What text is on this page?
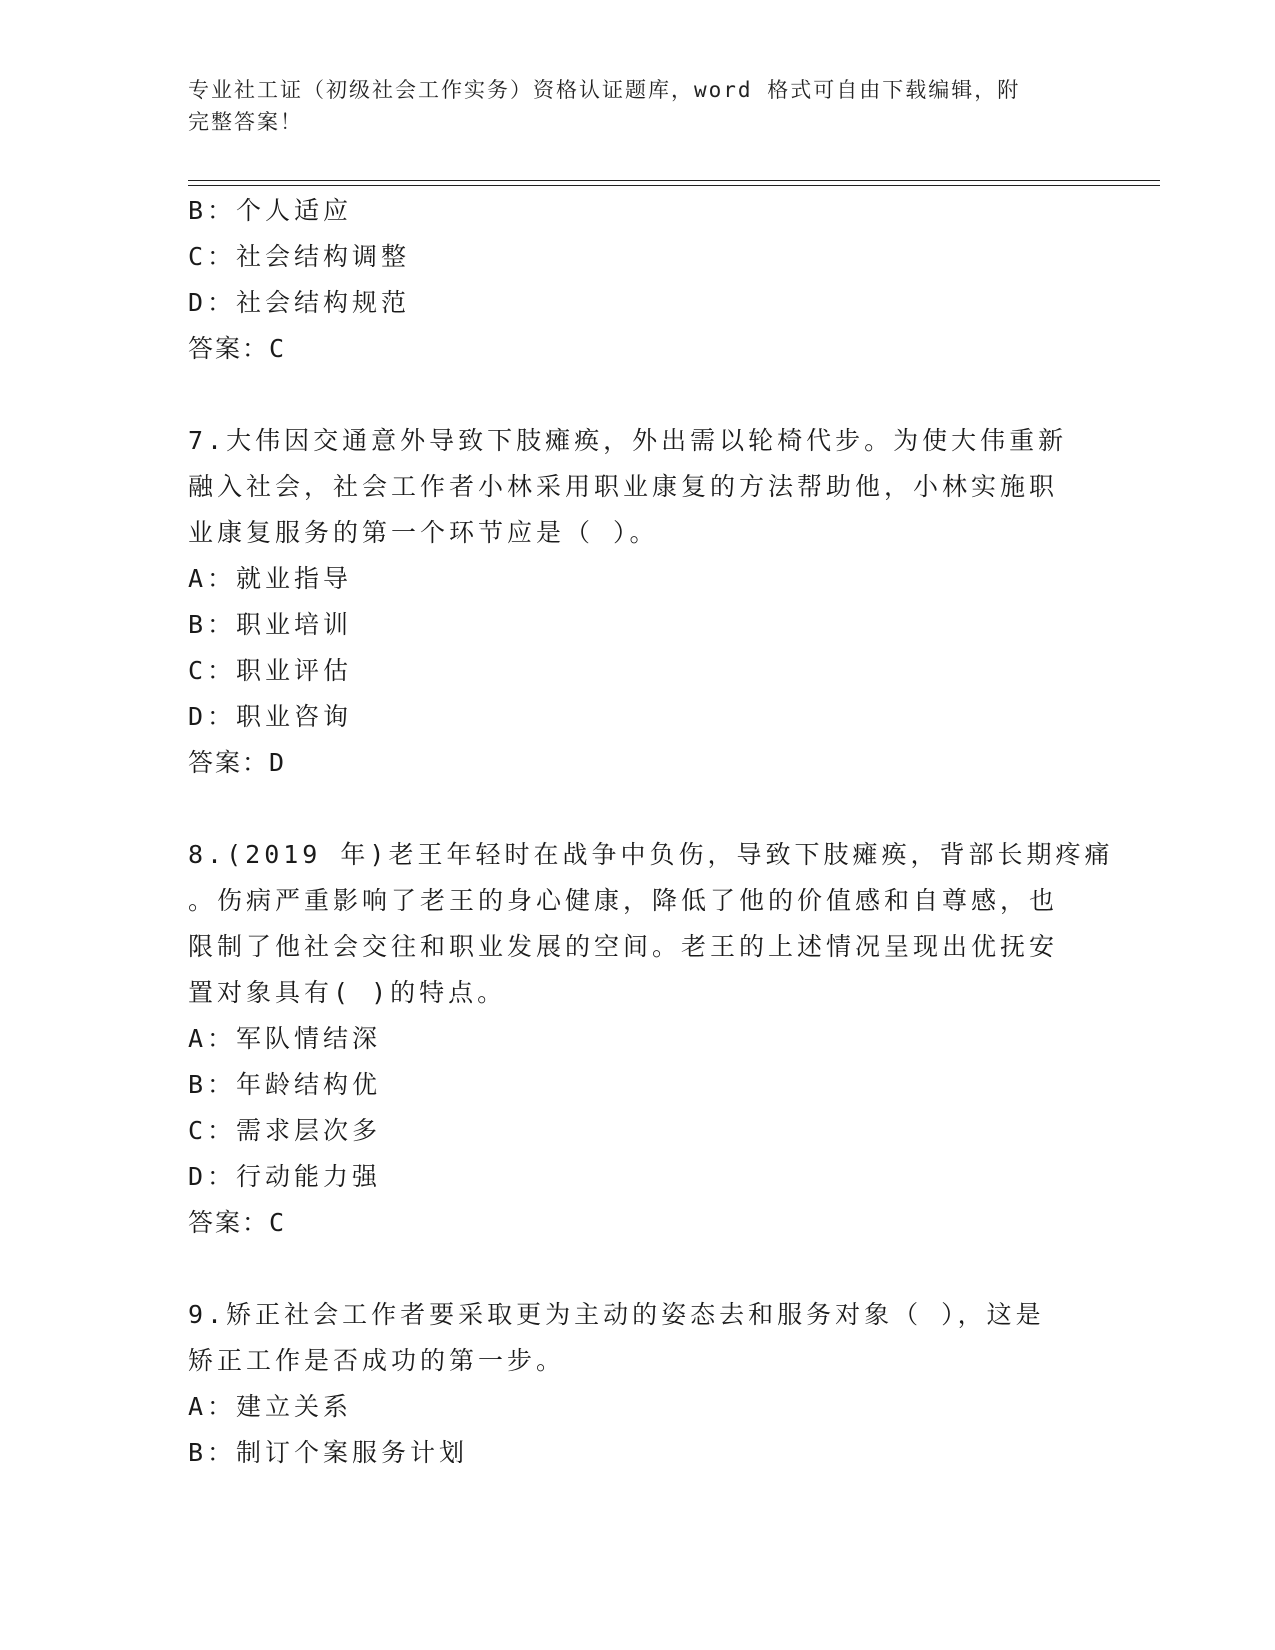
专业社工证（初级社会工作实务）资格认证题库，word 格式可自由下载编辑，附
完整答案！
B：个人适应
C：社会结构调整
D：社会结构规范
答案：C
7.大伟因交通意外导致下肢瘫痪，外出需以轮椅代步。为使大伟重新
融入社会，社会工作者小林采用职业康复的方法帮助他，小林实施职
业康复服务的第一个环节应是（ ）。
A：就业指导
B：职业培训
C：职业评估
D：职业咨询
答案：D
8.(2019 年)老王年轻时在战争中负伤，导致下肢瘫痪，背部长期疼痛
。伤病严重影响了老王的身心健康，降低了他的价值感和自尊感，也
限制了他社会交往和职业发展的空间。老王的上述情况呈现出优抚安
置对象具有( )的特点。
A：军队情结深
B：年龄结构优
C：需求层次多
D：行动能力强
答案：C
9.矫正社会工作者要采取更为主动的姿态去和服务对象（ ），这是
矫正工作是否成功的第一步。
A：建立关系
B：制订个案服务计划
